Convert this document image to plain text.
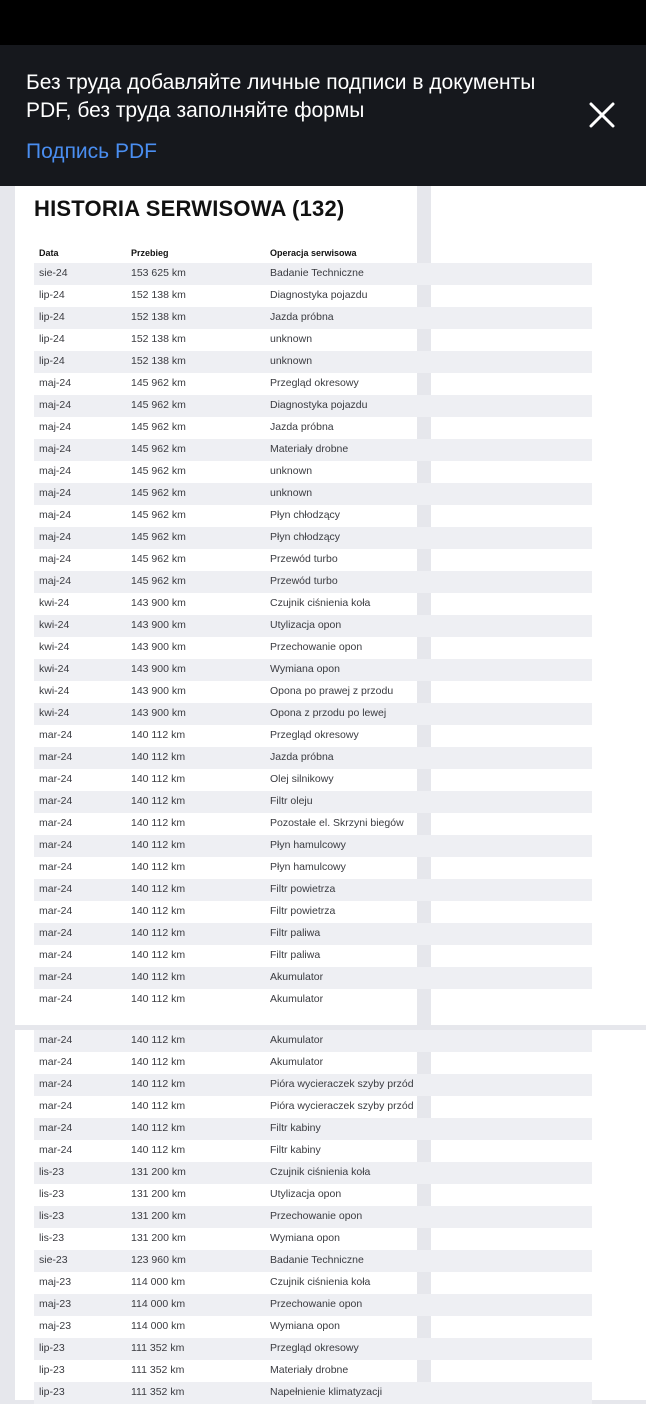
HISTORIA SERWISOWA (132)
Data	Przebieg	Operacja serwisowa
sie-24	153 625 km	Badanie Techniczne
lip-24	152 138 km	Diagnostyka pojazdu
lip-24	152 138 km	Jazda próbna
lip-24	152 138 km	unknown
lip-24	152 138 km	unknown
maj-24	145 962 km	Przegląd okresowy
maj-24	145 962 km	Diagnostyka pojazdu
maj-24	145 962 km	Jazda próbna
maj-24	145 962 km	Materiały drobne
maj-24	145 962 km	unknown
maj-24	145 962 km	unknown
maj-24	145 962 km	Płyn chłodzący
maj-24	145 962 km	Płyn chłodzący
maj-24	145 962 km	Przewód turbo
maj-24	145 962 km	Przewód turbo
kwi-24	143 900 km	Czujnik ciśnienia koła
kwi-24	143 900 km	Utylizacja opon
kwi-24	143 900 km	Przechowanie opon
kwi-24	143 900 km	Wymiana opon
kwi-24	143 900 km	Opona po prawej z przodu
kwi-24	143 900 km	Opona z przodu po lewej
mar-24	140 112 km	Przegląd okresowy
mar-24	140 112 km	Jazda próbna
mar-24	140 112 km	Olej silnikowy
mar-24	140 112 km	Filtr oleju
mar-24	140 112 km	Pozostałe el. Skrzyni biegów
mar-24	140 112 km	Płyn hamulcowy
mar-24	140 112 km	Płyn hamulcowy
mar-24	140 112 km	Filtr powietrza
mar-24	140 112 km	Filtr powietrza
mar-24	140 112 km	Filtr paliwa
mar-24	140 112 km	Filtr paliwa
mar-24	140 112 km	Akumulator
mar-24	140 112 km	Akumulator
mar-24	140 112 km	Akumulator
mar-24	140 112 km	Akumulator
mar-24	140 112 km	Pióra wycieraczek szyby przód
mar-24	140 112 km	Pióra wycieraczek szyby przód
mar-24	140 112 km	Filtr kabiny
mar-24	140 112 km	Filtr kabiny
lis-23	131 200 km	Czujnik ciśnienia koła
lis-23	131 200 km	Utylizacja opon
lis-23	131 200 km	Przechowanie opon
lis-23	131 200 km	Wymiana opon
sie-23	123 960 km	Badanie Techniczne
maj-23	114 000 km	Czujnik ciśnienia koła
maj-23	114 000 km	Przechowanie opon
maj-23	114 000 km	Wymiana opon
lip-23	111 352 km	Przegląd okresowy
lip-23	111 352 km	Materiały drobne
lip-23	111 352 km	Napełnienie klimatyzacji
Без труда добавляйте личные подписи в документы PDF, без труда заполняйте формы
Подпись PDF
